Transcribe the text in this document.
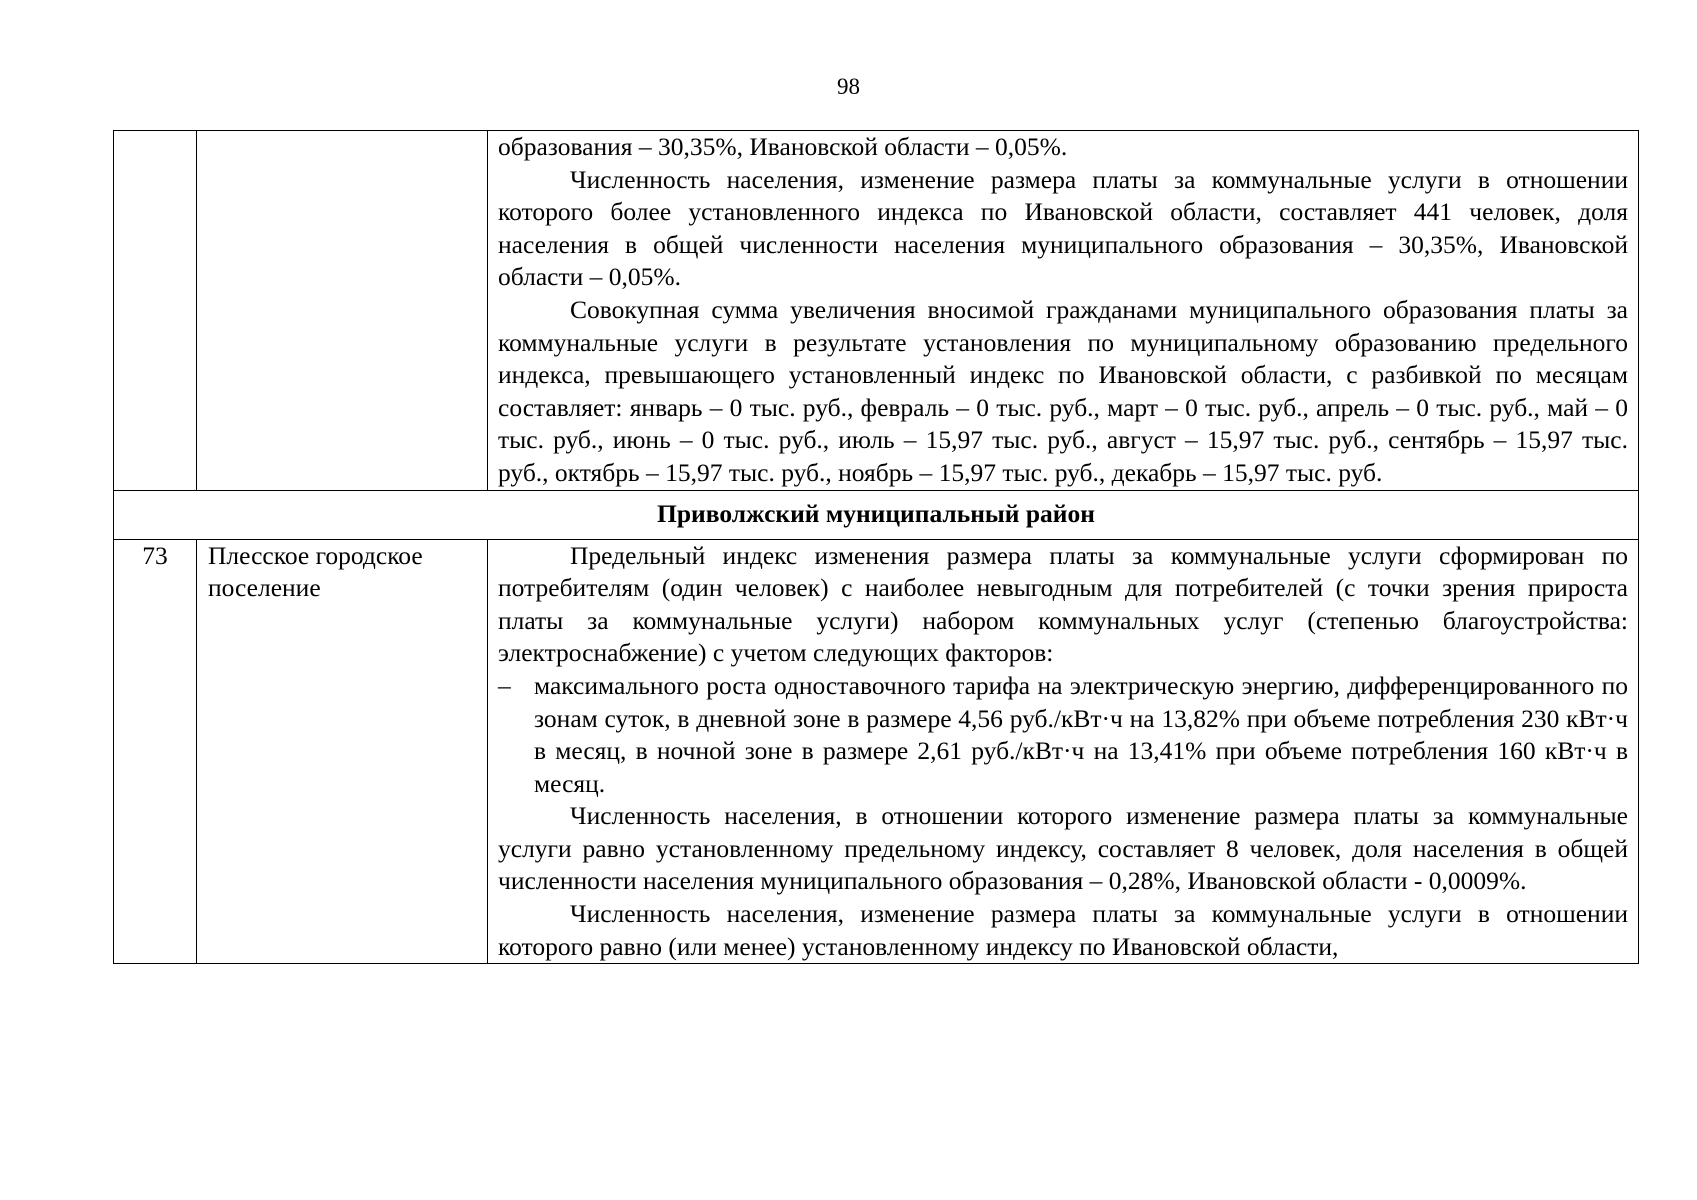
98

		образования – 30,35%, Ивановской области – 0,05%.

Численность населения, изменение размера платы за коммунальные услуги в отношении которого более установленного индекса по Ивановской области, составляет 441 человек, доля населения в общей численности населения муниципального образования – 30,35%, Ивановской области – 0,05%.

Совокупная сумма увеличения вносимой гражданами муниципального образования платы за коммунальные услуги в результате установления по муниципальному образованию предельного индекса, превышающего установленный индекс по Ивановской области, с разбивкой по месяцам составляет: январь – 0 тыс. руб., февраль – 0 тыс. руб., март – 0 тыс. руб., апрель – 0 тыс. руб., май – 0 тыс. руб., июнь – 0 тыс. руб., июль – 15,97 тыс. руб., август – 15,97 тыс. руб., сентябрь – 15,97 тыс. руб., октябрь – 15,97 тыс. руб., ноябрь – 15,97 тыс. руб., декабрь – 15,97 тыс. руб.

Приволжский муниципальный район		
73	Плесское городское поселение	Предельный индекс изменения размера платы за коммунальные услуги сформирован по потребителям (один человек) с наиболее невыгодным для потребителей (с точки зрения прироста платы за коммунальные услуги) набором коммунальных услуг (степенью благоустройства: электроснабжение) с учетом следующих факторов:

– максимального роста одноставочного тарифа на электрическую энергию, дифференцированного по зонам суток, в дневной зоне в размере 4,56 руб./кВт·ч на 13,82% при объеме потребления 230 кВт·ч в месяц, в ночной зоне в размере 2,61 руб./кВт·ч на 13,41% при объеме потребления 160 кВт·ч в месяц.

Численность населения, в отношении которого изменение размера платы за коммунальные услуги равно установленному предельному индексу, составляет 8 человек, доля населения в общей численности населения муниципального образования – 0,28%, Ивановской области - 0,0009%.

Численность населения, изменение размера платы за коммунальные услуги в отношении которого равно (или менее) установленному индексу по Ивановской области,
